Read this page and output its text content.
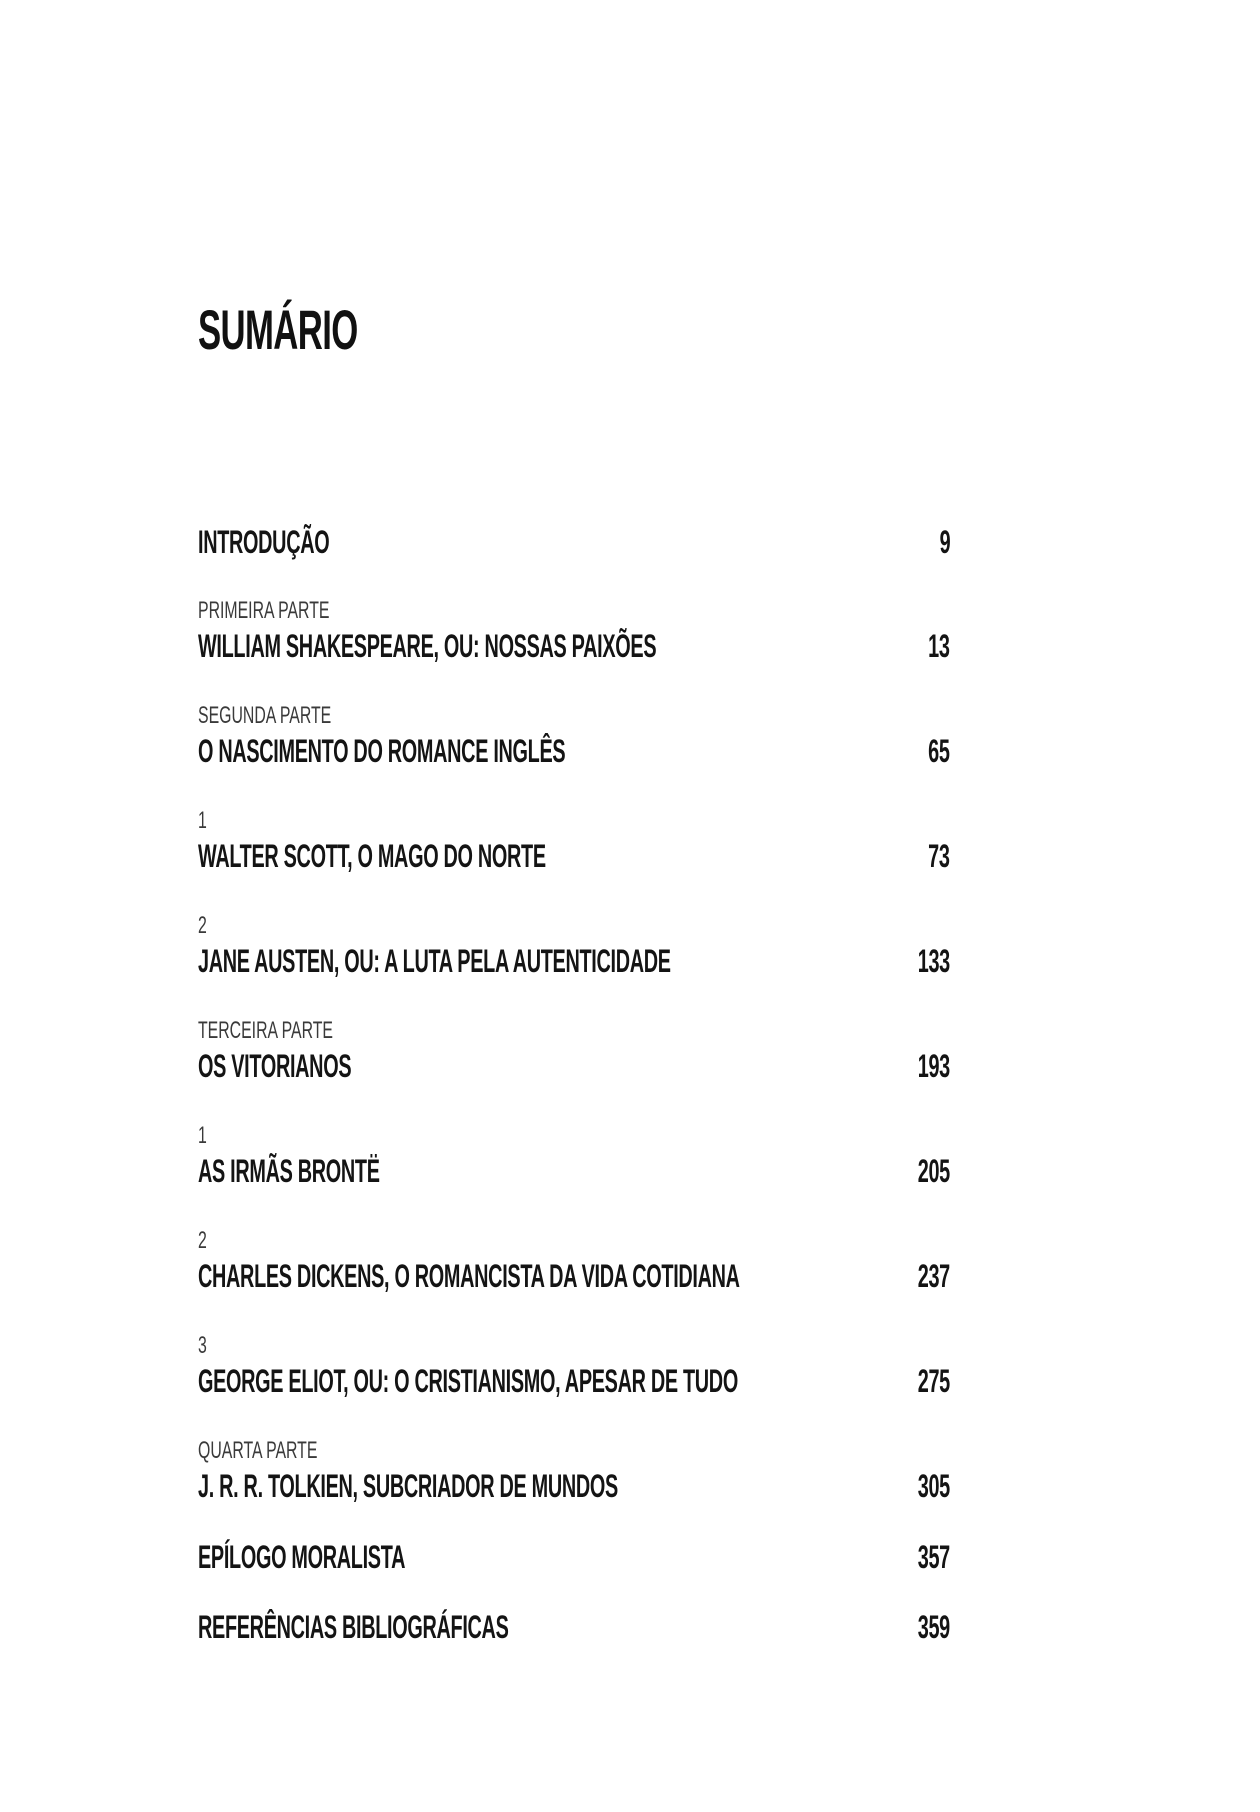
SUMÁRIO
INTRODUÇÃO	9
PRIMEIRA PARTE
WILLIAM SHAKESPEARE, OU: NOSSAS PAIXÕES	13
SEGUNDA PARTE
O NASCIMENTO DO ROMANCE INGLÊS	65
1
WALTER SCOTT, O MAGO DO NORTE	73
2
JANE AUSTEN, OU: A LUTA PELA AUTENTICIDADE	133
TERCEIRA PARTE
OS VITORIANOS	193
1
AS IRMÃS BRONTË	205
2
CHARLES DICKENS, O ROMANCISTA DA VIDA COTIDIANA	237
3
GEORGE ELIOT, OU: O CRISTIANISMO, APESAR DE TUDO	275
QUARTA PARTE
J. R. R. TOLKIEN, SUBCRIADOR DE MUNDOS	305
EPÍLOGO MORALISTA	357
REFERÊNCIAS BIBLIOGRÁFICAS	359
